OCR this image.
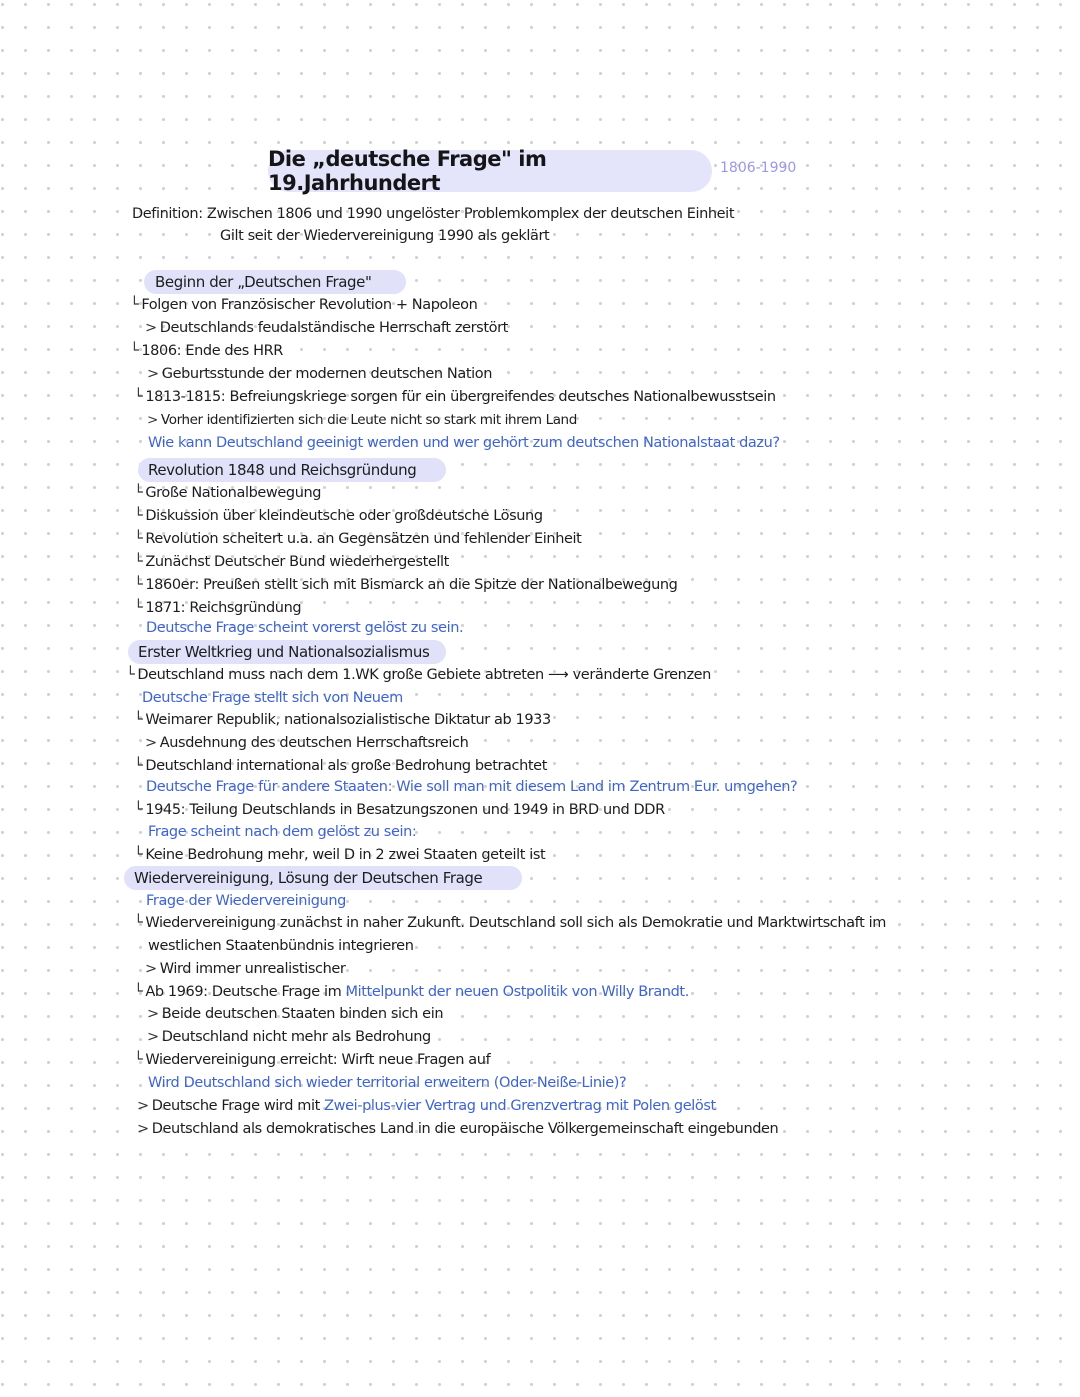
Die „deutsche Frage" im 19.Jahrhundert
1806-1990
Definition: Zwischen 1806 und 1990 ungelöster Problemkomplex der deutschen Einheit
Gilt seit der Wiedervereinigung 1990 als geklärt
Beginn der „Deutschen Frage"
└ Folgen von Französischer Revolution + Napoleon
> Deutschlands feudalständische Herrschaft zerstört
└ 1806: Ende des HRR
> Geburtsstunde der modernen deutschen Nation
└ 1813-1815: Befreiungskriege sorgen für ein übergreifendes deutsches Nationalbewusstsein
> Vorher identifizierten sich die Leute nicht so stark mit ihrem Land
Wie kann Deutschland geeinigt werden und wer gehört zum deutschen Nationalstaat dazu?
Revolution 1848 und Reichsgründung
└ Große Nationalbewegung
└ Diskussion über kleindeutsche oder großdeutsche Lösung
└ Revolution scheitert u.a. an Gegensätzen und fehlender Einheit
└ Zunächst Deutscher Bund wiederhergestellt
└ 1860er: Preußen stellt sich mit Bismarck an die Spitze der Nationalbewegung
└ 1871: Reichsgründung
Deutsche Frage scheint vorerst gelöst zu sein.
Erster Weltkrieg und Nationalsozialismus
└ Deutschland muss nach dem 1.WK große Gebiete abtreten ⟶ veränderte Grenzen
Deutsche Frage stellt sich von Neuem
└ Weimarer Republik, nationalsozialistische Diktatur ab 1933
> Ausdehnung des deutschen Herrschaftsreich
└ Deutschland international als große Bedrohung betrachtet
Deutsche Frage für andere Staaten: Wie soll man mit diesem Land im Zentrum Eur. umgehen?
└ 1945: Teilung Deutschlands in Besatzungszonen und 1949 in BRD und DDR
Frage scheint nach dem gelöst zu sein:
└ Keine Bedrohung mehr, weil D in 2 zwei Staaten geteilt ist
Wiedervereinigung, Lösung der Deutschen Frage
Frage der Wiedervereinigung
└ Wiedervereinigung zunächst in naher Zukunft. Deutschland soll sich als Demokratie und Marktwirtschaft im
westlichen Staatenbündnis integrieren
> Wird immer unrealistischer
└ Ab 1969: Deutsche Frage im Mittelpunkt der neuen Ostpolitik von Willy Brandt.
> Beide deutschen Staaten binden sich ein
> Deutschland nicht mehr als Bedrohung
└ Wiedervereinigung erreicht: Wirft neue Fragen auf
Wird Deutschland sich wieder territorial erweitern (Oder-Neiße-Linie)?
> Deutsche Frage wird mit Zwei-plus-vier Vertrag und Grenzvertrag mit Polen gelöst
> Deutschland als demokratisches Land in die europäische Völkergemeinschaft eingebunden
